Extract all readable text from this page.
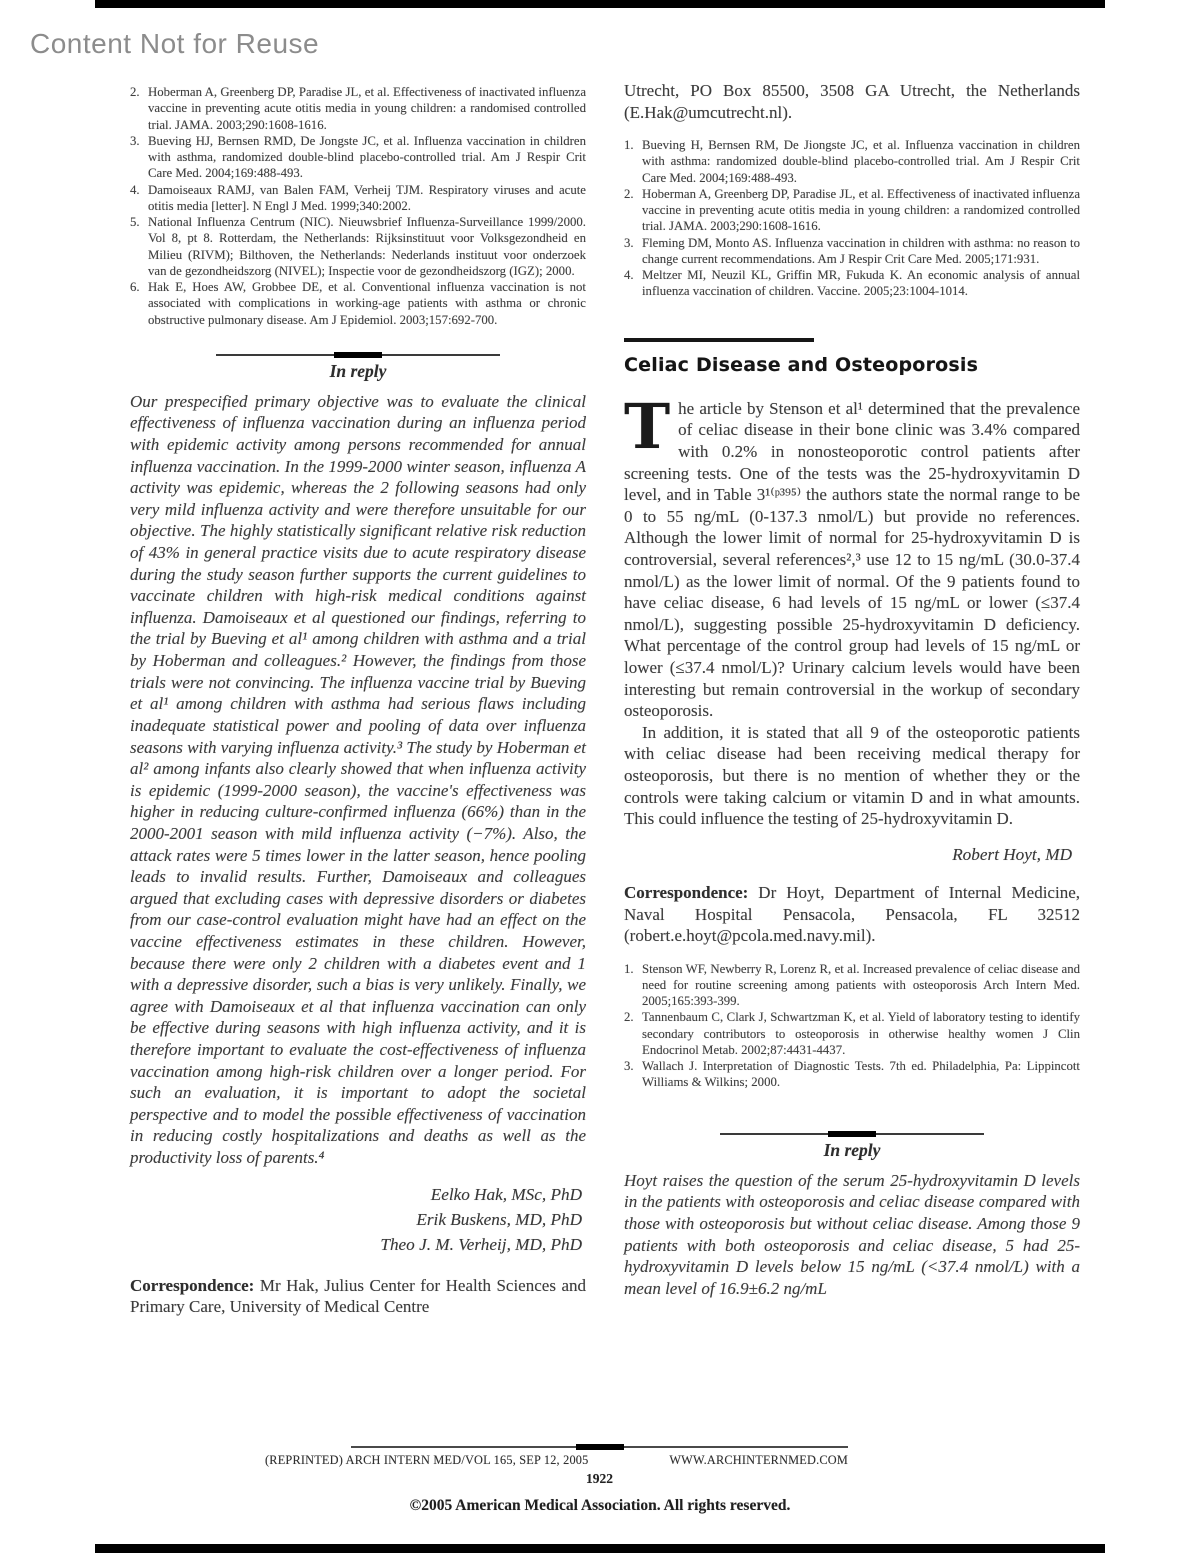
Content Not for Reuse
2. Hoberman A, Greenberg DP, Paradise JL, et al. Effectiveness of inactivated influenza vaccine in preventing acute otitis media in young children: a randomised controlled trial. JAMA. 2003;290:1608-1616.
3. Bueving HJ, Bernsen RMD, De Jongste JC, et al. Influenza vaccination in children with asthma, randomized double-blind placebo-controlled trial. Am J Respir Crit Care Med. 2004;169:488-493.
4. Damoiseaux RAMJ, van Balen FAM, Verheij TJM. Respiratory viruses and acute otitis media [letter]. N Engl J Med. 1999;340:2002.
5. National Influenza Centrum (NIC). Nieuwsbrief Influenza-Surveillance 1999/2000. Vol 8, pt 8. Rotterdam, the Netherlands: Rijksinstituut voor Volksgezondheid en Milieu (RIVM); Bilthoven, the Netherlands: Nederlands instituut voor onderzoek van de gezondheidszorg (NIVEL); Inspectie voor de gezondheidszorg (IGZ); 2000.
6. Hak E, Hoes AW, Grobbee DE, et al. Conventional influenza vaccination is not associated with complications in working-age patients with asthma or chronic obstructive pulmonary disease. Am J Epidemiol. 2003;157:692-700.
In reply
Our prespecified primary objective was to evaluate the clinical effectiveness of influenza vaccination during an influenza period with epidemic activity among persons recommended for annual influenza vaccination. In the 1999-2000 winter season, influenza A activity was epidemic, whereas the 2 following seasons had only very mild influenza activity and were therefore unsuitable for our objective. The highly statistically significant relative risk reduction of 43% in general practice visits due to acute respiratory disease during the study season further supports the current guidelines to vaccinate children with high-risk medical conditions against influenza. Damoiseaux et al questioned our findings, referring to the trial by Bueving et al¹ among children with asthma and a trial by Hoberman and colleagues.² However, the findings from those trials were not convincing. The influenza vaccine trial by Bueving et al¹ among children with asthma had serious flaws including inadequate statistical power and pooling of data over influenza seasons with varying influenza activity.³ The study by Hoberman et al² among infants also clearly showed that when influenza activity is epidemic (1999-2000 season), the vaccine's effectiveness was higher in reducing culture-confirmed influenza (66%) than in the 2000-2001 season with mild influenza activity (−7%). Also, the attack rates were 5 times lower in the latter season, hence pooling leads to invalid results. Further, Damoiseaux and colleagues argued that excluding cases with depressive disorders or diabetes from our case-control evaluation might have had an effect on the vaccine effectiveness estimates in these children. However, because there were only 2 children with a diabetes event and 1 with a depressive disorder, such a bias is very unlikely. Finally, we agree with Damoiseaux et al that influenza vaccination can only be effective during seasons with high influenza activity, and it is therefore important to evaluate the cost-effectiveness of influenza vaccination among high-risk children over a longer period. For such an evaluation, it is important to adopt the societal perspective and to model the possible effectiveness of vaccination in reducing costly hospitalizations and deaths as well as the productivity loss of parents.⁴
Eelko Hak, MSc, PhD
Erik Buskens, MD, PhD
Theo J. M. Verheij, MD, PhD
Correspondence: Mr Hak, Julius Center for Health Sciences and Primary Care, University of Medical Centre
Utrecht, PO Box 85500, 3508 GA Utrecht, the Netherlands (E.Hak@umcutrecht.nl).
1. Bueving H, Bernsen RM, De Jiongste JC, et al. Influenza vaccination in children with asthma: randomized double-blind placebo-controlled trial. Am J Respir Crit Care Med. 2004;169:488-493.
2. Hoberman A, Greenberg DP, Paradise JL, et al. Effectiveness of inactivated influenza vaccine in preventing acute otitis media in young children: a randomized controlled trial. JAMA. 2003;290:1608-1616.
3. Fleming DM, Monto AS. Influenza vaccination in children with asthma: no reason to change current recommendations. Am J Respir Crit Care Med. 2005;171:931.
4. Meltzer MI, Neuzil KL, Griffin MR, Fukuda K. An economic analysis of annual influenza vaccination of children. Vaccine. 2005;23:1004-1014.
Celiac Disease and Osteoporosis
The article by Stenson et al¹ determined that the prevalence of celiac disease in their bone clinic was 3.4% compared with 0.2% in nonosteoporotic control patients after screening tests. One of the tests was the 25-hydroxyvitamin D level, and in Table 3¹⁽ᵖ³⁹⁵⁾ the authors state the normal range to be 0 to 55 ng/mL (0-137.3 nmol/L) but provide no references. Although the lower limit of normal for 25-hydroxyvitamin D is controversial, several references²,³ use 12 to 15 ng/mL (30.0-37.4 nmol/L) as the lower limit of normal. Of the 9 patients found to have celiac disease, 6 had levels of 15 ng/mL or lower (≤37.4 nmol/L), suggesting possible 25-hydroxyvitamin D deficiency. What percentage of the control group had levels of 15 ng/mL or lower (≤37.4 nmol/L)? Urinary calcium levels would have been interesting but remain controversial in the workup of secondary osteoporosis.
In addition, it is stated that all 9 of the osteoporotic patients with celiac disease had been receiving medical therapy for osteoporosis, but there is no mention of whether they or the controls were taking calcium or vitamin D and in what amounts. This could influence the testing of 25-hydroxyvitamin D.
Robert Hoyt, MD
Correspondence: Dr Hoyt, Department of Internal Medicine, Naval Hospital Pensacola, Pensacola, FL 32512 (robert.e.hoyt@pcola.med.navy.mil).
1. Stenson WF, Newberry R, Lorenz R, et al. Increased prevalence of celiac disease and need for routine screening among patients with osteoporosis Arch Intern Med. 2005;165:393-399.
2. Tannenbaum C, Clark J, Schwartzman K, et al. Yield of laboratory testing to identify secondary contributors to osteoporosis in otherwise healthy women J Clin Endocrinol Metab. 2002;87:4431-4437.
3. Wallach J. Interpretation of Diagnostic Tests. 7th ed. Philadelphia, Pa: Lippincott Williams & Wilkins; 2000.
In reply
Hoyt raises the question of the serum 25-hydroxyvitamin D levels in the patients with osteoporosis and celiac disease compared with those with osteoporosis but without celiac disease. Among those 9 patients with both osteoporosis and celiac disease, 5 had 25-hydroxyvitamin D levels below 15 ng/mL (<37.4 nmol/L) with a mean level of 16.9±6.2 ng/mL
(REPRINTED) ARCH INTERN MED/VOL 165, SEP 12, 2005	WWW.ARCHINTERNMED.COM
1922
©2005 American Medical Association. All rights reserved.
